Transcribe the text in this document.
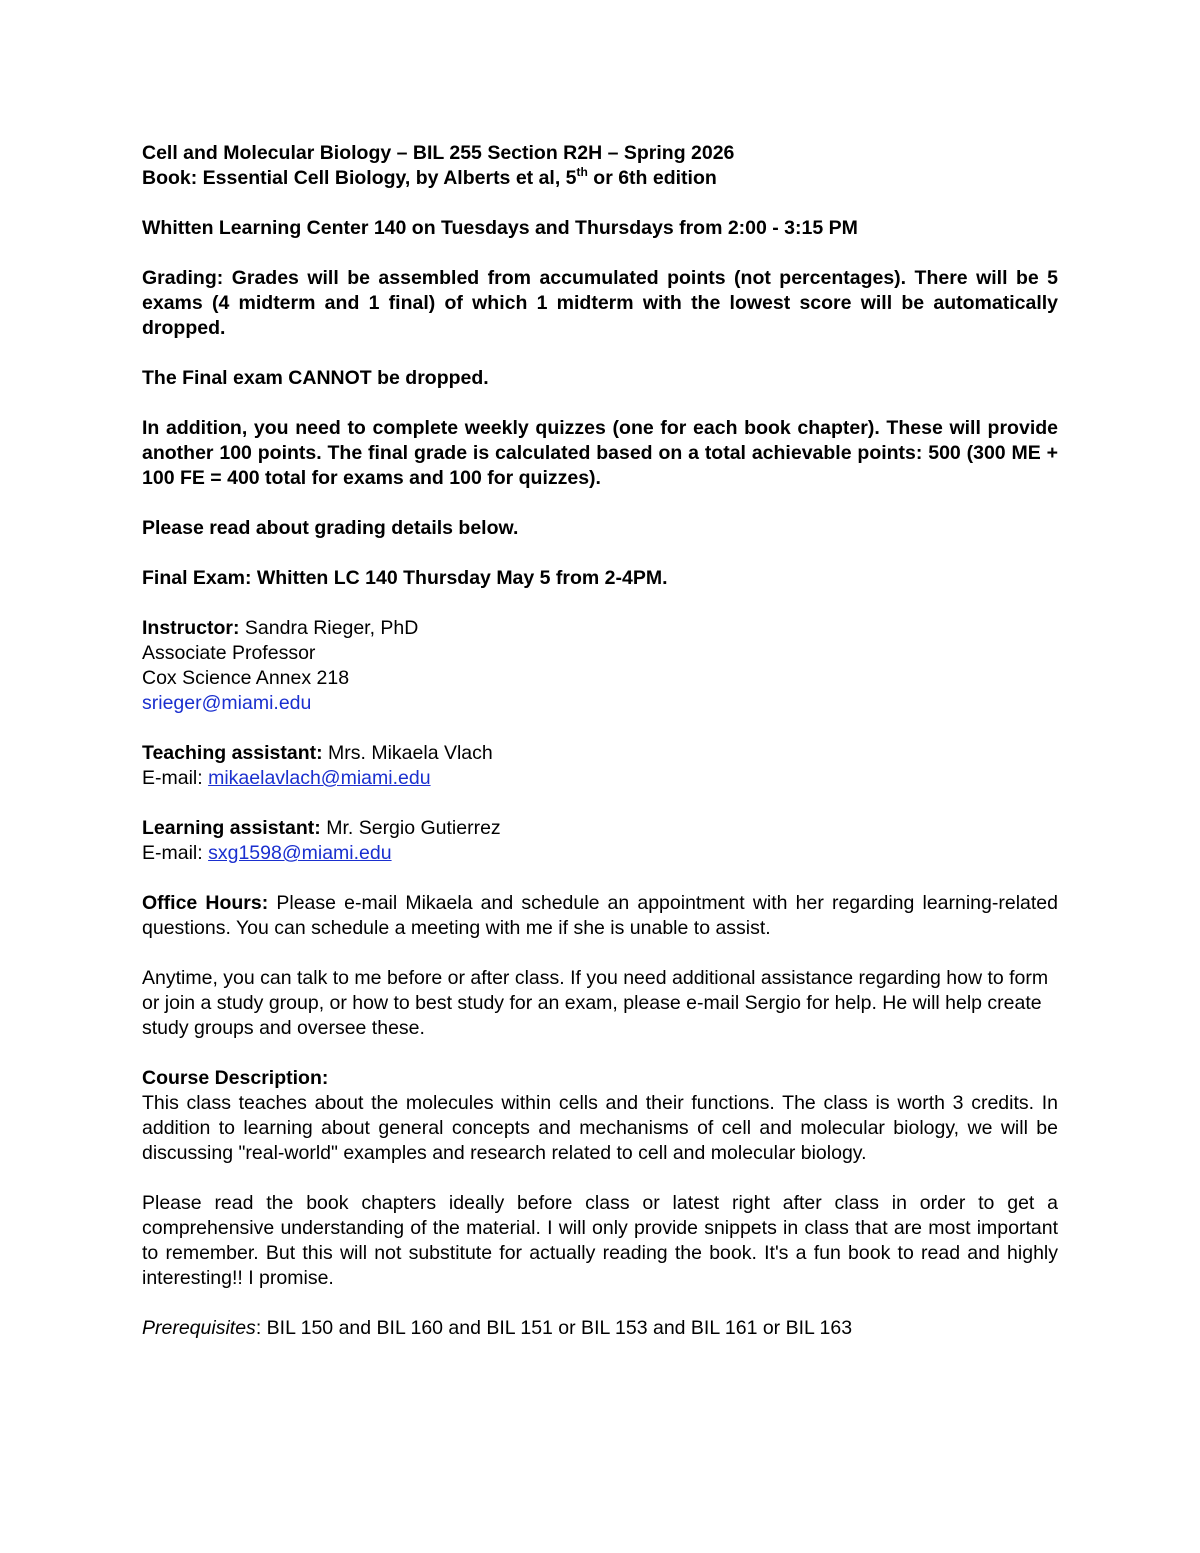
Cell and Molecular Biology – BIL 255 Section R2H – Spring 2026

Book: Essential Cell Biology, by Alberts et al, 5th or 6th edition

Whitten Learning Center 140 on Tuesdays and Thursdays from 2:00 - 3:15 PM

Grading: Grades will be assembled from accumulated points (not percentages). There will be 5 exams (4 midterm and 1 final) of which 1 midterm with the lowest score will be automatically dropped.

The Final exam CANNOT be dropped.

In addition, you need to complete weekly quizzes (one for each book chapter). These will provide another 100 points. The final grade is calculated based on a total achievable points: 500 (300 ME + 100 FE = 400 total for exams and 100 for quizzes).

Please read about grading details below.

Final Exam: Whitten LC 140 Thursday May 5 from 2-4PM.

Instructor: Sandra Rieger, PhD

Associate Professor

Cox Science Annex 218

srieger@miami.edu

Teaching assistant: Mrs. Mikaela Vlach

E-mail: mikaelavlach@miami.edu

Learning assistant: Mr. Sergio Gutierrez

E-mail: sxg1598@miami.edu

Office Hours: Please e-mail Mikaela and schedule an appointment with her regarding learning-related questions. You can schedule a meeting with me if she is unable to assist.

Anytime, you can talk to me before or after class. If you need additional assistance regarding how to form or join a study group, or how to best study for an exam, please e-mail Sergio for help. He will help create study groups and oversee these.

Course Description:

This class teaches about the molecules within cells and their functions. The class is worth 3 credits. In addition to learning about general concepts and mechanisms of cell and molecular biology, we will be discussing "real-world" examples and research related to cell and molecular biology.

Please read the book chapters ideally before class or latest right after class in order to get a comprehensive understanding of the material. I will only provide snippets in class that are most important to remember. But this will not substitute for actually reading the book. It's a fun book to read and highly interesting!! I promise.

Prerequisites: BIL 150 and BIL 160 and BIL 151 or BIL 153 and BIL 161 or BIL 163
